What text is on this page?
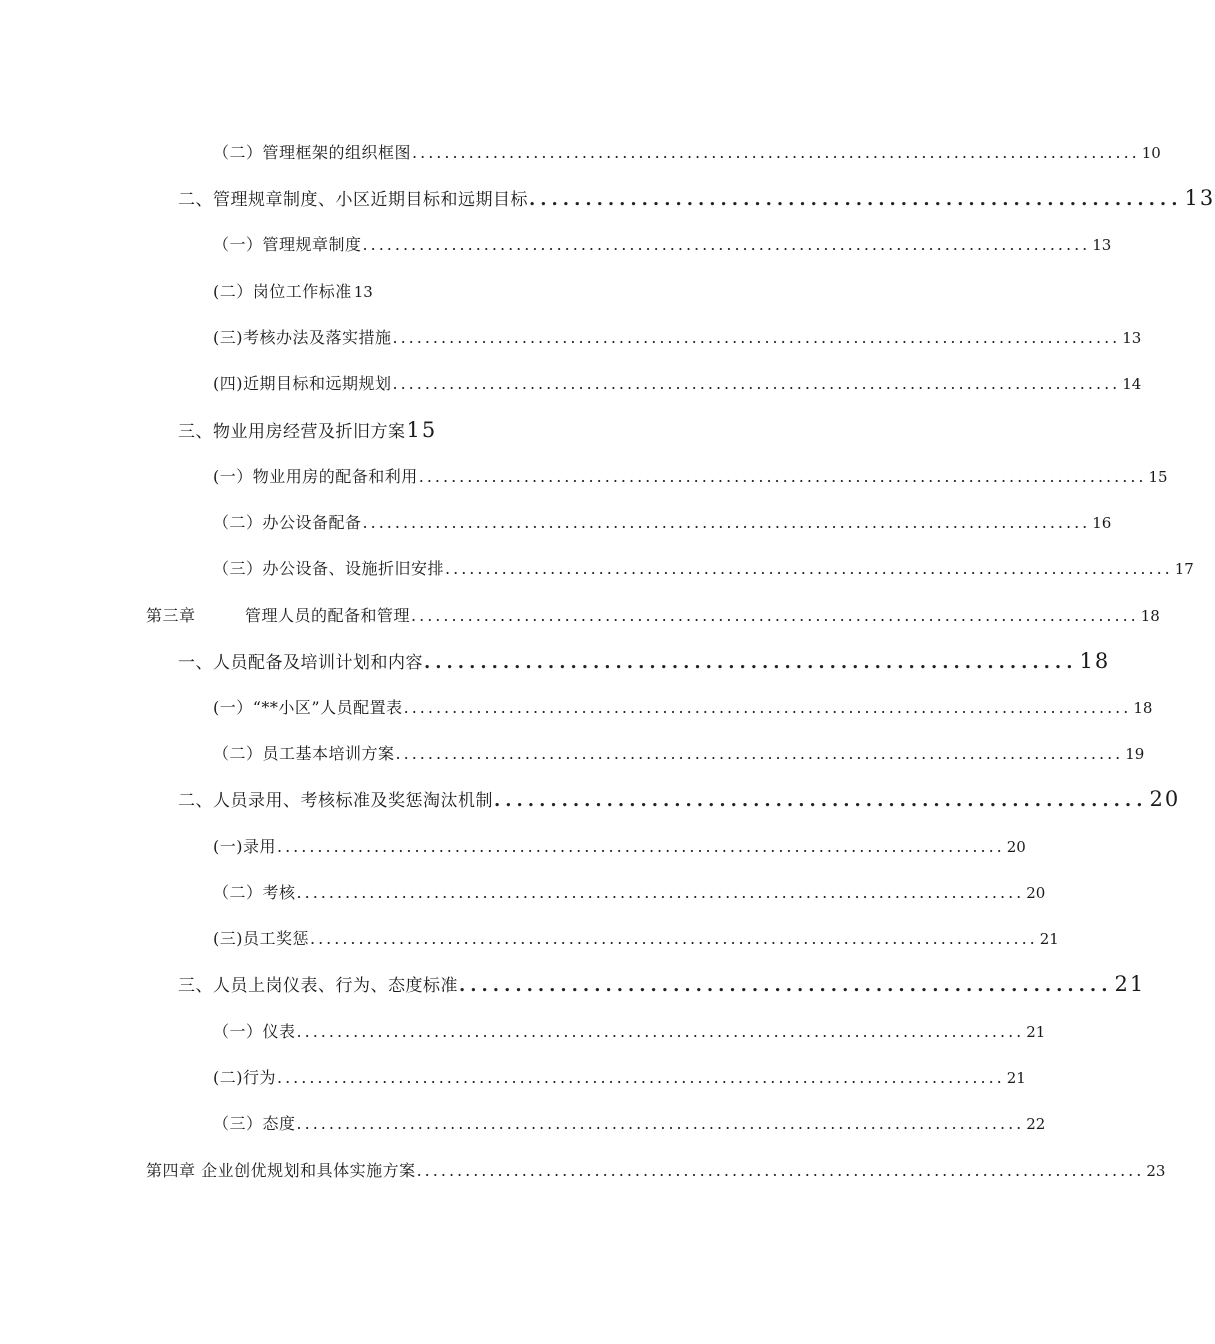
（二）管理框架的组织框图 .......................................................................................... 10
二、管理规章制度、小区近期目标和远期目标 .......................................................... 13
（一）管理规章制度 .......................................................................................... 13
(二）岗位工作标准 13
(三)考核办法及落实措施 .......................................................................................... 13
(四)近期目标和远期规划 .......................................................................................... 14
三、物业用房经营及折旧方案 15
(一）物业用房的配备和利用 .......................................................................................... 15
（二）办公设备配备 .......................................................................................... 16
（三）办公设备、设施折旧安排 .......................................................................................... 17
第三章　　　管理人员的配备和管理 .......................................................................................... 18
一、人员配备及培训计划和内容 .......................................................... 18
(一）“**小区”人员配置表 .......................................................................................... 18
（二）员工基本培训方案 .......................................................................................... 19
二、人员录用、考核标准及奖惩淘汰机制 .......................................................... 20
(一)录用 .......................................................................................... 20
（二）考核 .......................................................................................... 20
(三)员工奖惩 .......................................................................................... 21
三、人员上岗仪表、行为、态度标准 .......................................................... 21
（一）仪表 .......................................................................................... 21
(二)行为 .......................................................................................... 21
（三）态度 .......................................................................................... 22
第四章 企业创优规划和具体实施方案 .......................................................................................... 23
